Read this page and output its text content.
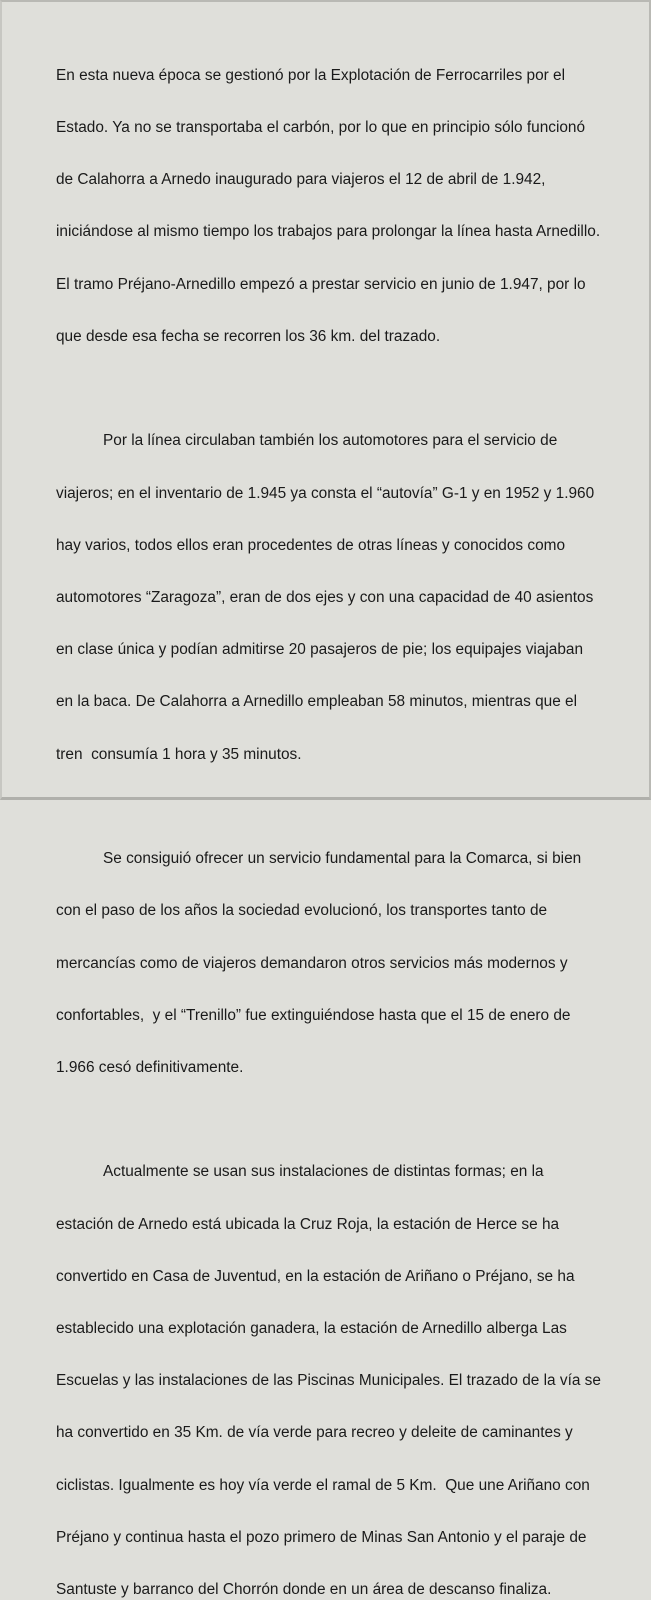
En esta nueva época se gestionó por la Explotación de Ferrocarriles por el

Estado. Ya no se transportaba el carbón, por lo que en principio sólo funcionó

de Calahorra a Arnedo inaugurado para viajeros el 12 de abril de 1.942,

iniciándose al mismo tiempo los trabajos para prolongar la línea hasta Arnedillo.

El tramo Préjano-Arnedillo empezó a prestar servicio en junio de 1.947, por lo

que desde esa fecha se recorren los 36 km. del trazado.

Por la línea circulaban también los automotores para el servicio de

viajeros; en el inventario de 1.945 ya consta el “autovía” G-1 y en 1952 y 1.960

hay varios, todos ellos eran procedentes de otras líneas y conocidos como

automotores “Zaragoza”, eran de dos ejes y con una capacidad de 40 asientos

en clase única y podían admitirse 20 pasajeros de pie; los equipajes viajaban

en la baca. De Calahorra a Arnedillo empleaban 58 minutos, mientras que el

tren  consumía 1 hora y 35 minutos.

Se consiguió ofrecer un servicio fundamental para la Comarca, si bien

con el paso de los años la sociedad evolucionó, los transportes tanto de

mercancías como de viajeros demandaron otros servicios más modernos y

confortables,  y el “Trenillo” fue extinguiéndose hasta que el 15 de enero de

1.966 cesó definitivamente.

Actualmente se usan sus instalaciones de distintas formas; en la

estación de Arnedo está ubicada la Cruz Roja, la estación de Herce se ha

convertido en Casa de Juventud, en la estación de Ariñano o Préjano, se ha

establecido una explotación ganadera, la estación de Arnedillo alberga Las

Escuelas y las instalaciones de las Piscinas Municipales. El trazado de la vía se

ha convertido en 35 Km. de vía verde para recreo y deleite de caminantes y

ciclistas. Igualmente es hoy vía verde el ramal de 5 Km.  Que une Ariñano con

Préjano y continua hasta el pozo primero de Minas San Antonio y el paraje de

Santuste y barranco del Chorrón donde en un área de descanso finaliza.
